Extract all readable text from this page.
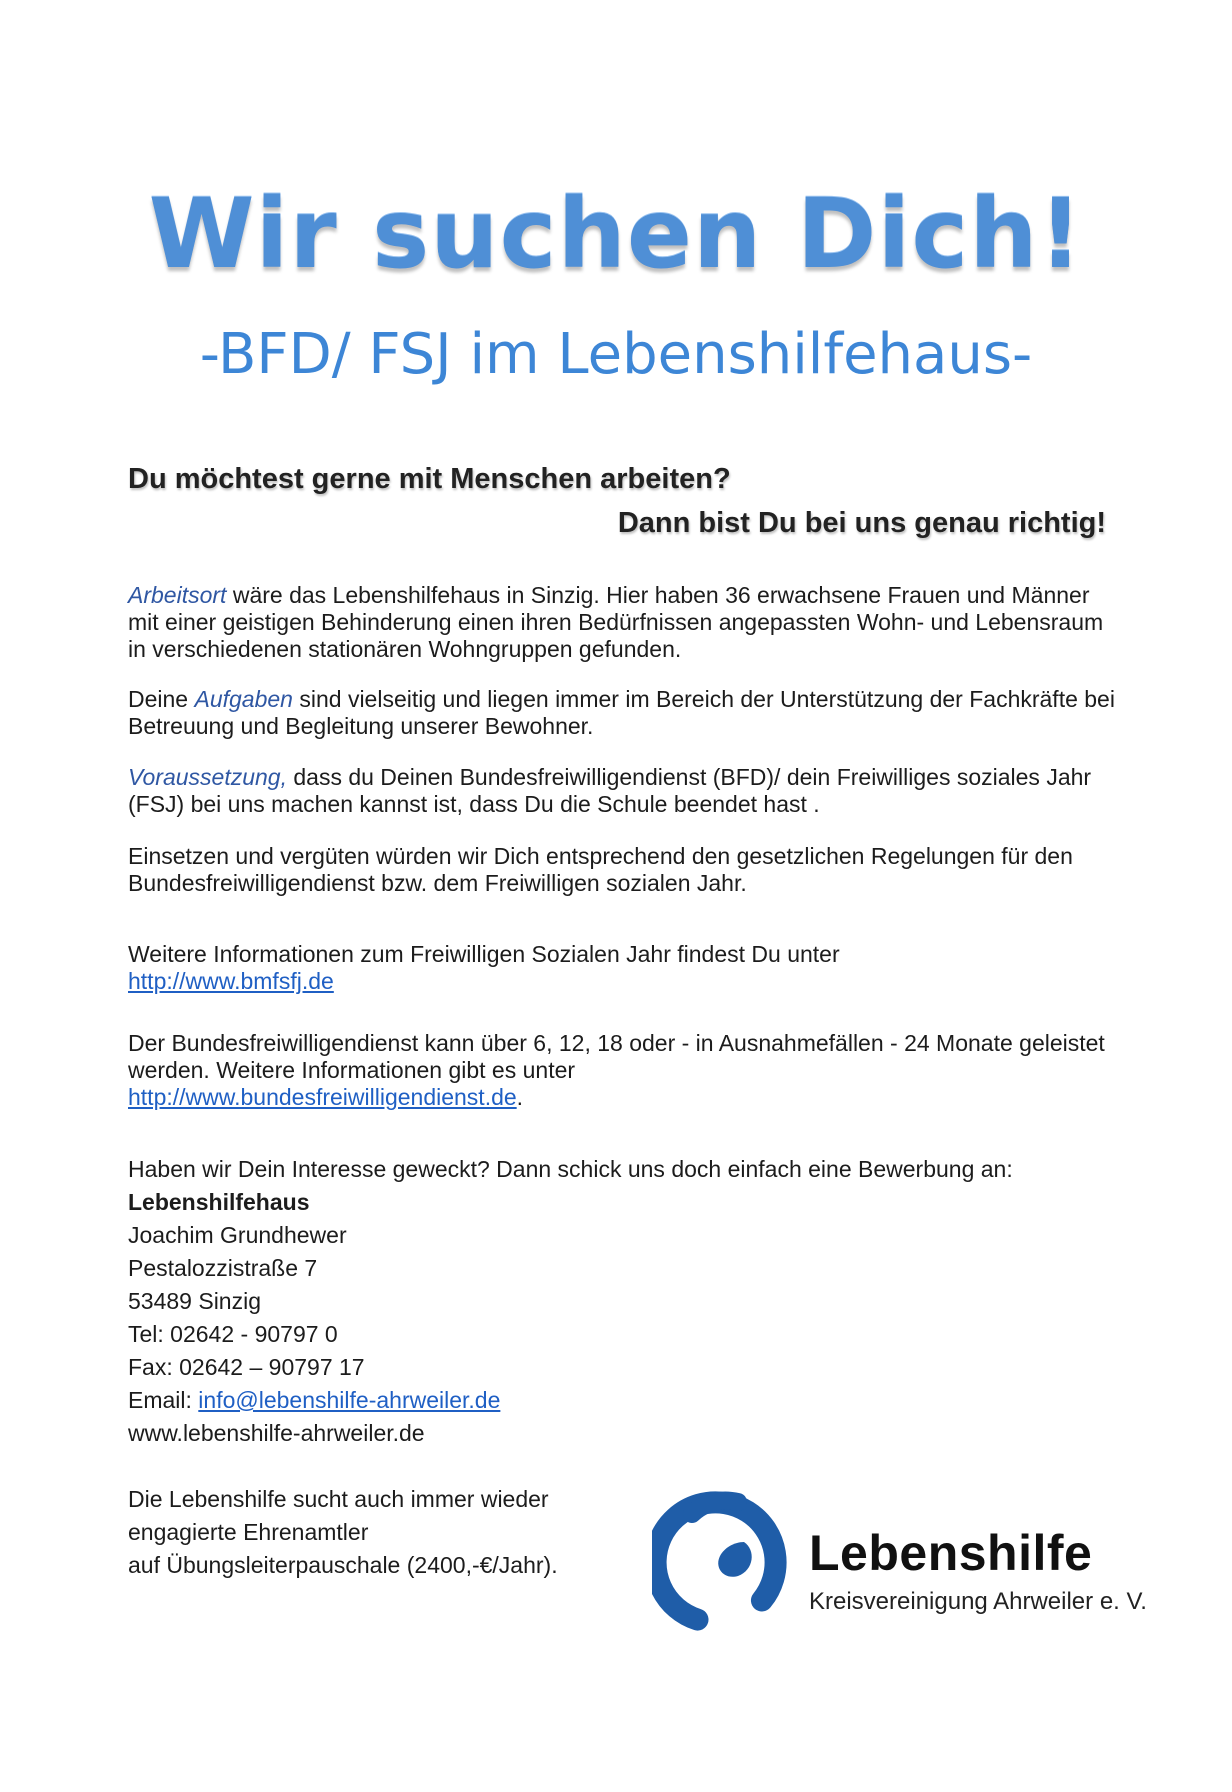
Wir suchen Dich!
-BFD/ FSJ im Lebenshilfehaus-
Du möchtest gerne mit Menschen arbeiten?
Dann bist Du bei uns genau richtig!

Arbeitsort wäre das Lebenshilfehaus in Sinzig. Hier haben 36 erwachsene Frauen und Männer mit einer geistigen Behinderung einen ihren Bedürfnissen angepassten Wohn- und Lebensraum in verschiedenen stationären Wohngruppen gefunden.

Deine Aufgaben sind vielseitig und liegen immer im Bereich der Unterstützung der Fachkräfte bei Betreuung und Begleitung unserer Bewohner.

Voraussetzung, dass du Deinen Bundesfreiwilligendienst (BFD)/ dein Freiwilliges soziales Jahr (FSJ) bei uns machen kannst ist, dass Du die Schule beendet hast .

Einsetzen und vergüten würden wir Dich entsprechend den gesetzlichen Regelungen für den Bundesfreiwilligendienst bzw. dem Freiwilligen sozialen Jahr.

Weitere Informationen zum Freiwilligen Sozialen Jahr findest Du unter

http://www.bmfsfj.de

Der Bundesfreiwilligendienst kann über 6, 12, 18 oder - in Ausnahmefällen - 24 Monate geleistet werden. Weitere Informationen gibt es unter

http://www.bundesfreiwilligendienst.de.

Haben wir Dein Interesse geweckt? Dann schick uns doch einfach eine Bewerbung an:
Lebenshilfehaus
Joachim Grundhewer
Pestalozzistraße 7
53489 Sinzig
Tel: 02642 - 90797 0
Fax: 02642 – 90797 17
Email: info@lebenshilfe-ahrweiler.de
www.lebenshilfe-ahrweiler.de
Die Lebenshilfe sucht auch immer wieder
engagierte Ehrenamtler
auf Übungsleiterpauschale (2400,-€/Jahr).	Lebenshilfe
Kreisvereinigung Ahrweiler e. V.
